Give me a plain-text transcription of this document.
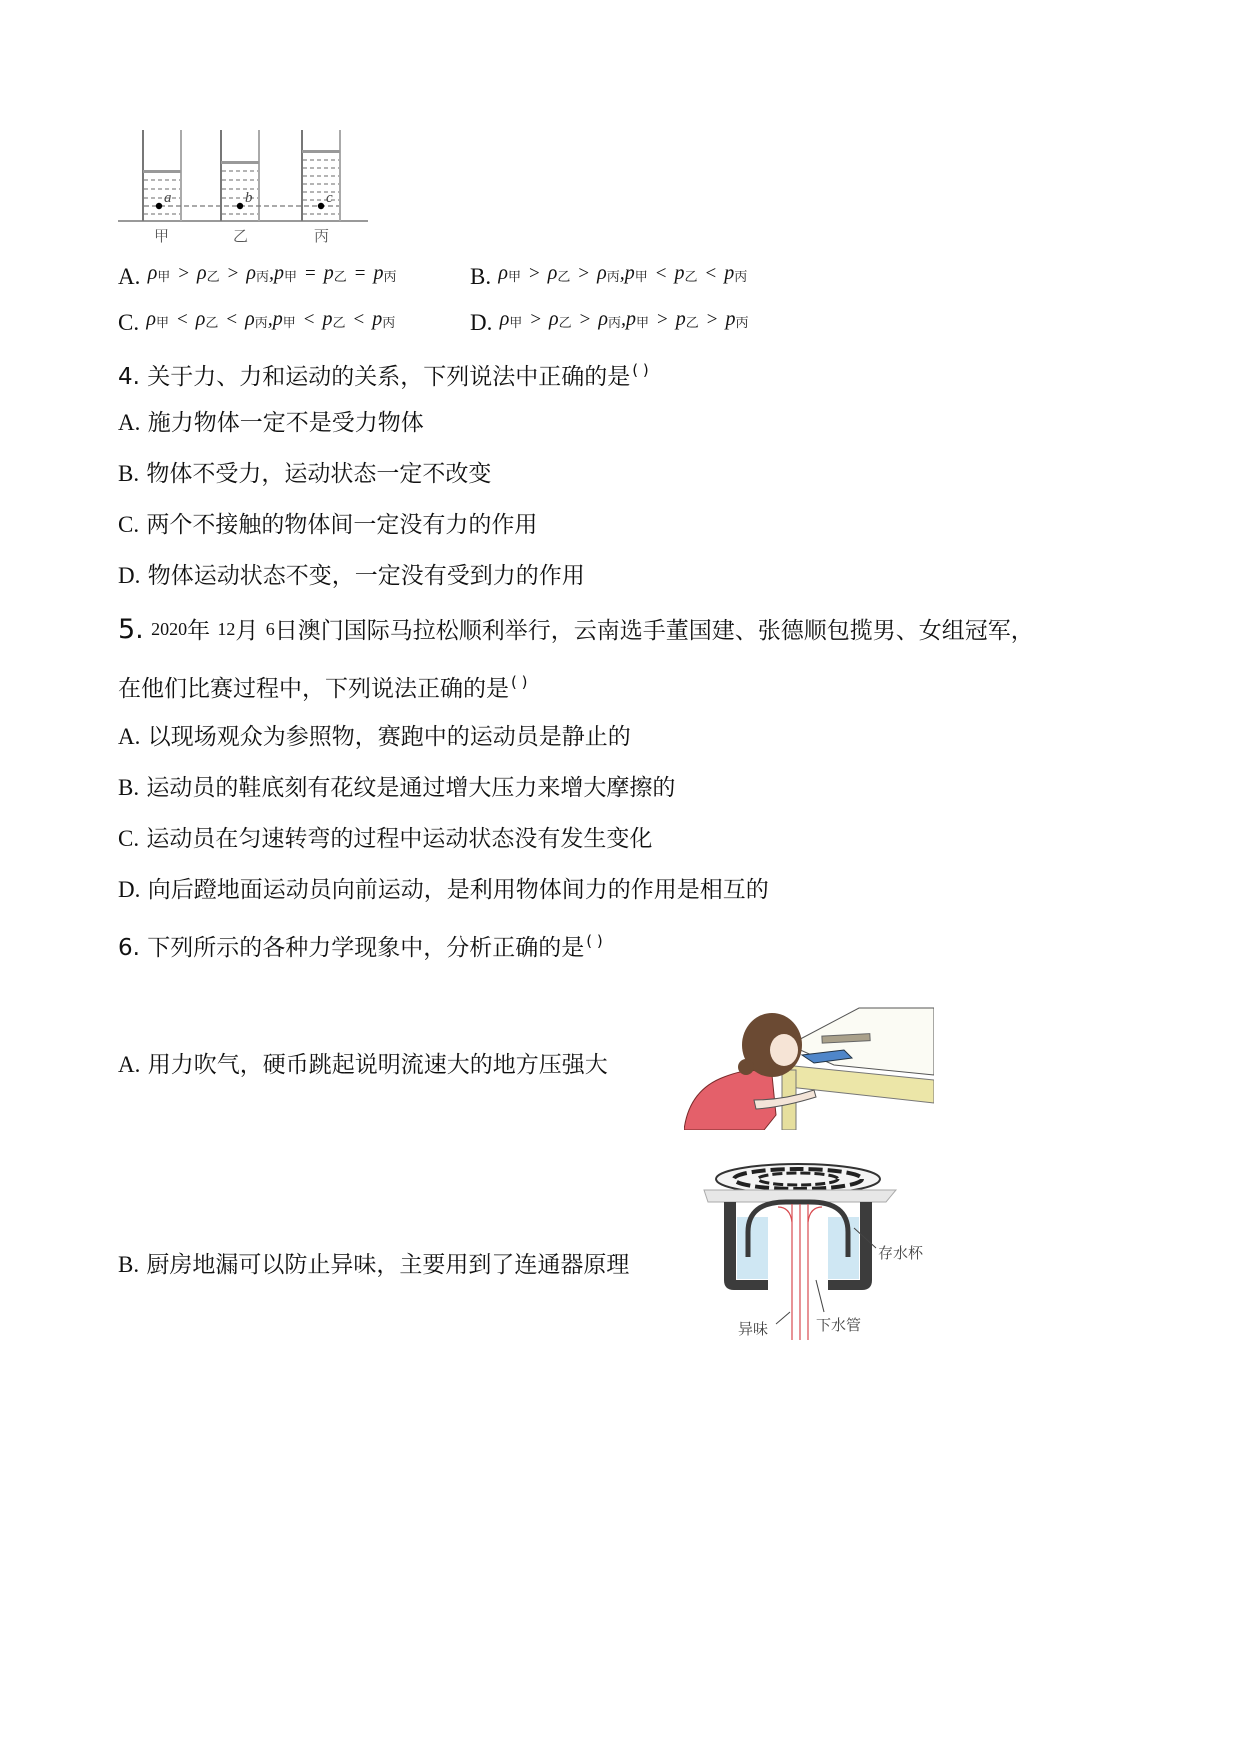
a	b	c
甲	乙	丙
A. ρ甲 > ρ乙 > ρ丙,p甲 = p乙 = p丙	B. ρ甲 > ρ乙 > ρ丙,p甲 < p乙 < p丙
C. ρ甲 < ρ乙 < ρ丙,p甲 < p乙 < p丙	D. ρ甲 > ρ乙 > ρ丙,p甲 > p乙 > p丙
4. 关于力、力和运动的关系，下列说法中正确的是 ( )
A. 施力物体一定不是受力物体
B. 物体不受力，运动状态一定不改变
C. 两个不接触的物体间一定没有力的作用
D. 物体运动状态不变，一定没有受到力的作用
5. 2020年 12月 6日澳门国际马拉松顺利举行，云南选手董国建、张德顺包揽男、女组冠军，
在他们比赛过程中，下列说法正确的是 ( )
A. 以现场观众为参照物，赛跑中的运动员是静止的
B. 运动员的鞋底刻有花纹是通过增大压力来增大摩擦的
C. 运动员在匀速转弯的过程中运动状态没有发生变化
D. 向后蹬地面运动员向前运动，是利用物体间力的作用是相互的
6. 下列所示的各种力学现象中，分析正确的是 ( )
A. 用力吹气，硬币跳起说明流速大的地方压强大
B. 厨房地漏可以防止异味，主要用到了连通器原理	存水杯
异味	下水管
